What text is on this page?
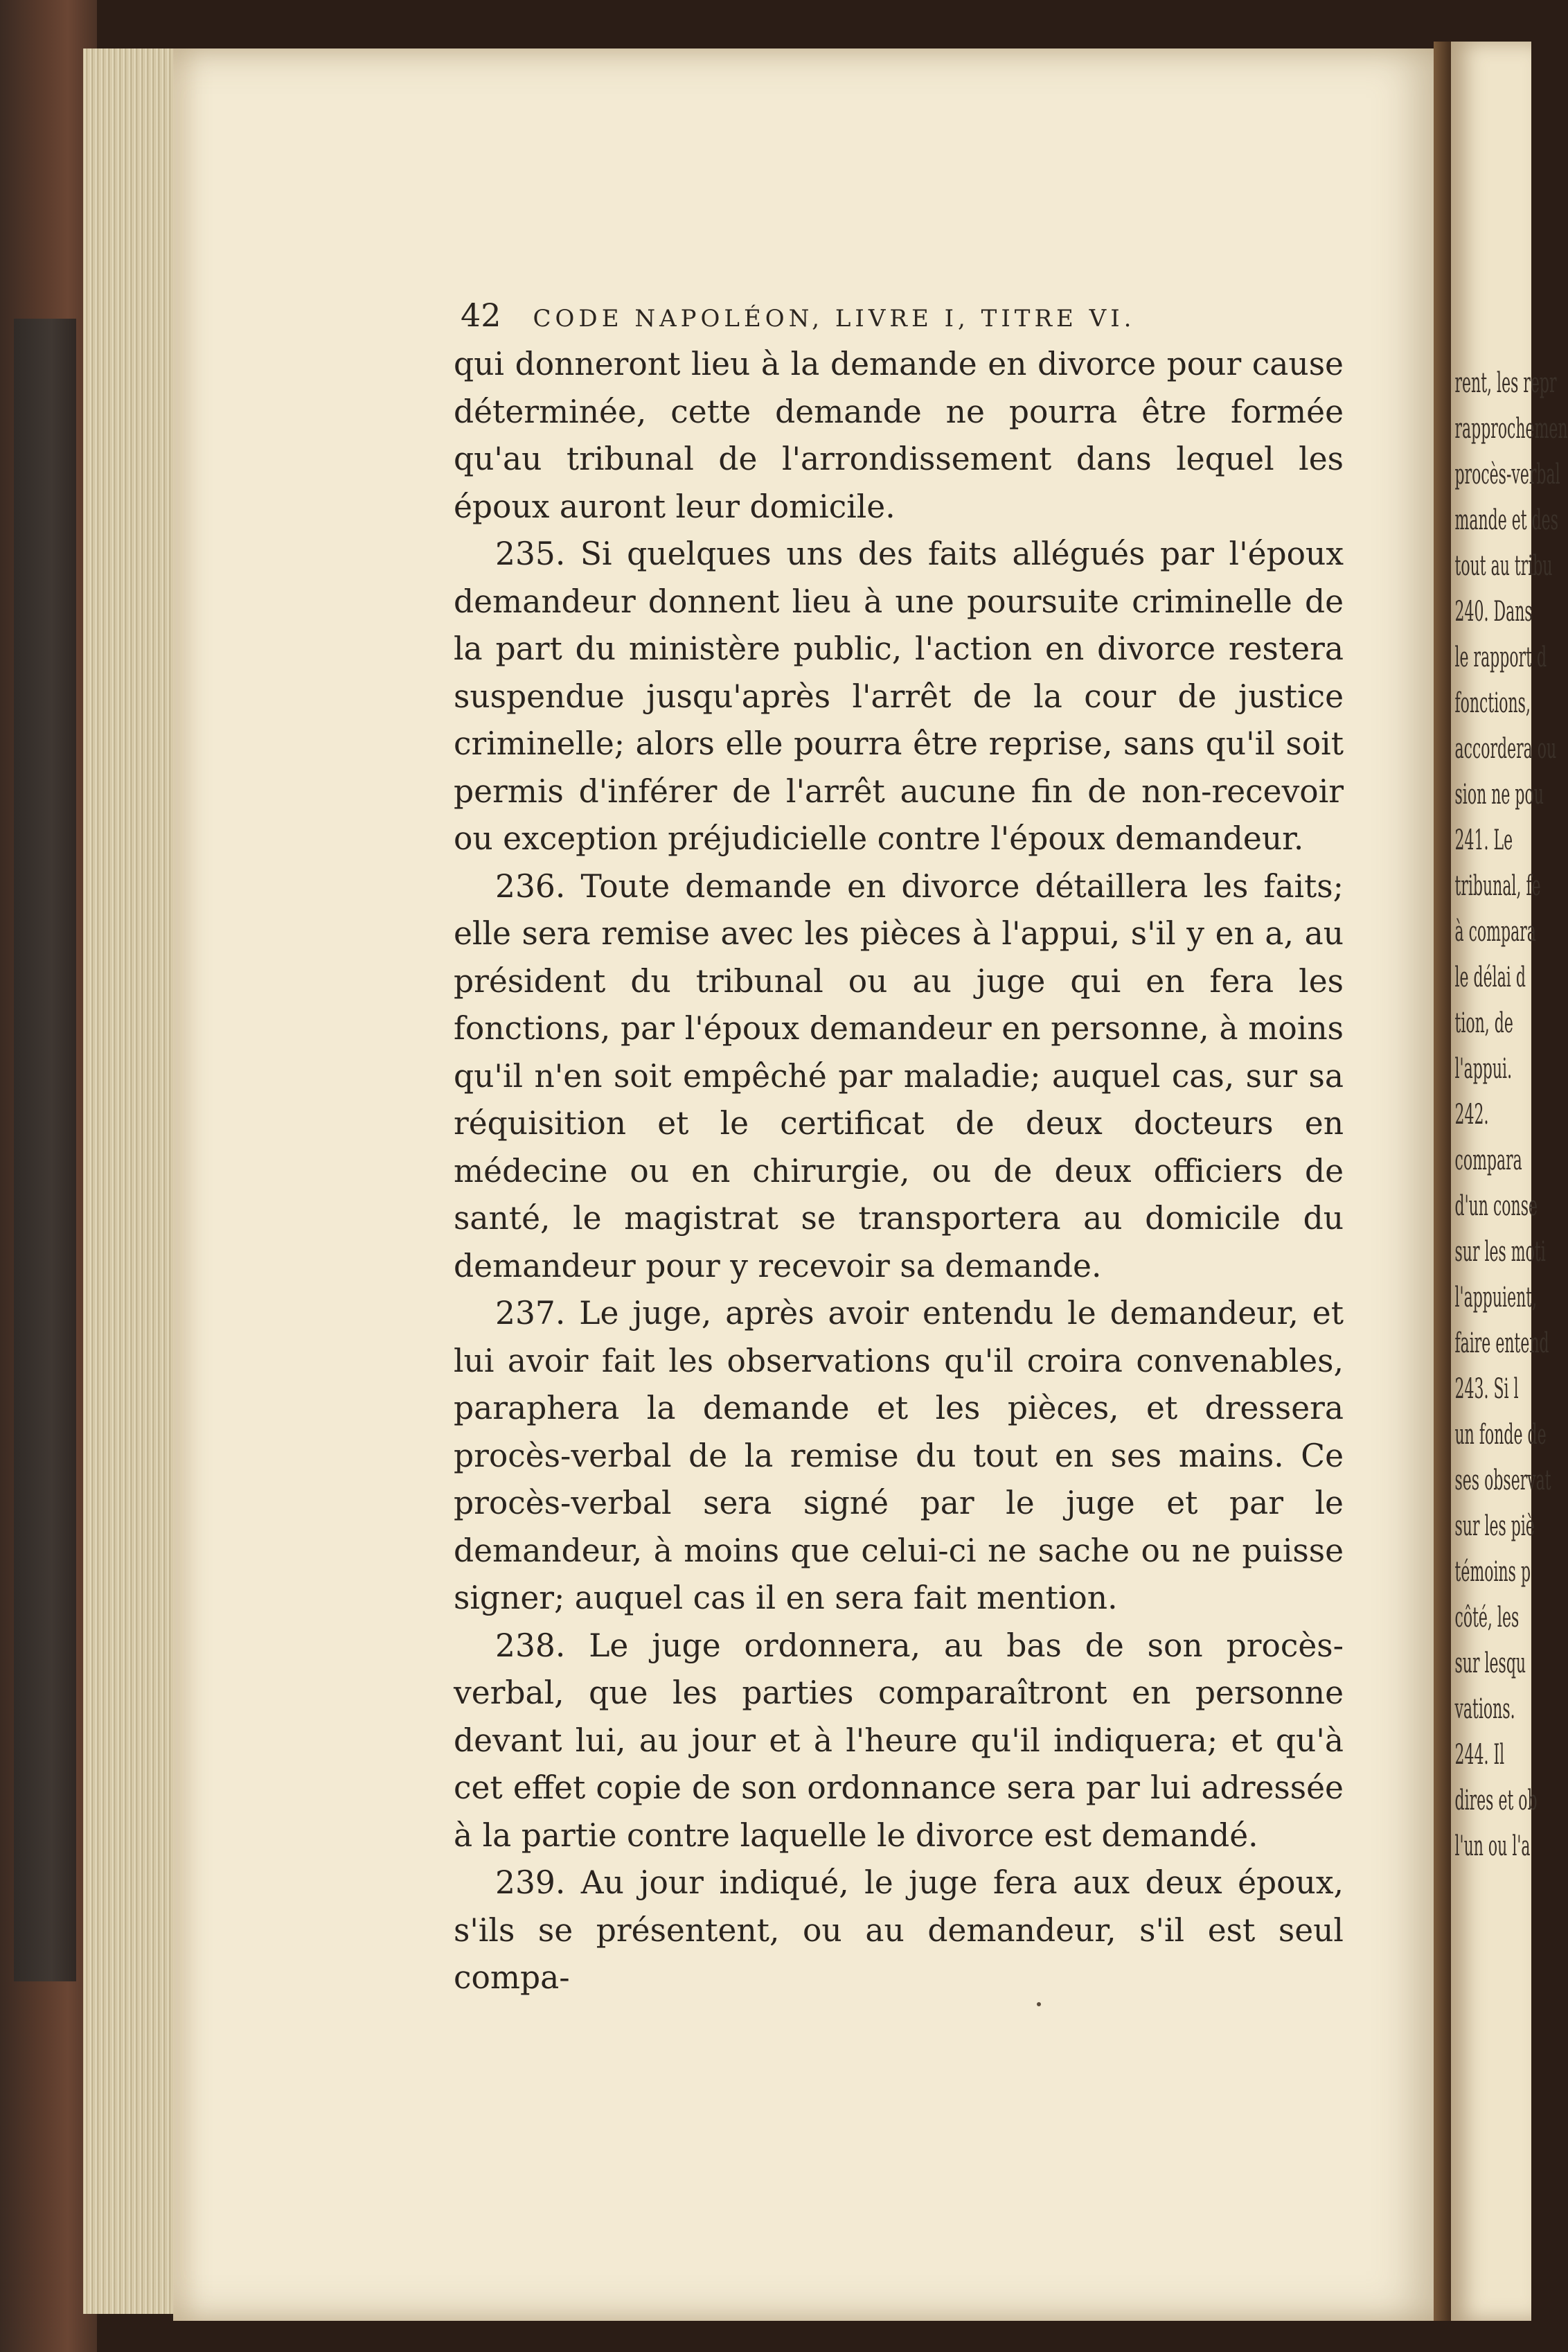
42 CODE NAPOLÉON, LIVRE I, TITRE VI.

qui donneront lieu à la demande en divorce pour cause déterminée, cette demande ne pourra être formée qu'au tribunal de l'arrondissement dans lequel les époux auront leur domicile.

235. Si quelques uns des faits allégués par l'époux demandeur donnent lieu à une poursuite criminelle de la part du ministère public, l'action en divorce restera suspendue jusqu'après l'arrêt de la cour de justice criminelle; alors elle pourra être reprise, sans qu'il soit permis d'inférer de l'arrêt aucune fin de non-recevoir ou exception préjudicielle contre l'époux demandeur.

236. Toute demande en divorce détaillera les faits; elle sera remise avec les pièces à l'appui, s'il y en a, au président du tribunal ou au juge qui en fera les fonctions, par l'époux demandeur en personne, à moins qu'il n'en soit empêché par maladie; auquel cas, sur sa réquisition et le certificat de deux docteurs en médecine ou en chirurgie, ou de deux officiers de santé, le magistrat se transportera au domicile du demandeur pour y recevoir sa demande.

237. Le juge, après avoir entendu le demandeur, et lui avoir fait les observations qu'il croira convenables, paraphera la demande et les pièces, et dressera procès-verbal de la remise du tout en ses mains. Ce procès-verbal sera signé par le juge et par le demandeur, à moins que celui-ci ne sache ou ne puisse signer; auquel cas il en sera fait mention.

238. Le juge ordonnera, au bas de son procès-verbal, que les parties comparaîtront en personne devant lui, au jour et à l'heure qu'il indiquera; et qu'à cet effet copie de son ordonnance sera par lui adressée à la partie contre laquelle le divorce est demandé.

239. Au jour indiqué, le juge fera aux deux époux, s'ils se présentent, ou au demandeur, s'il est seul compa-

rent, les repr
rapprochemen
procès-verbal
mande et des
tout au tribu
240. Dans
le rapport d
fonctions,
accordera ou
sion ne pou
241. Le
tribunal, fe
à compara
le délai d
tion, de
l'appui.
242.
compara
d'un conse
sur les moti
l'appuient,
faire entend
243. Si l
un fonde de
ses observat
sur les piè
témoins p
côté, les
sur lesqu
vations.
244. Il
dires et ob
l'un ou l'a
